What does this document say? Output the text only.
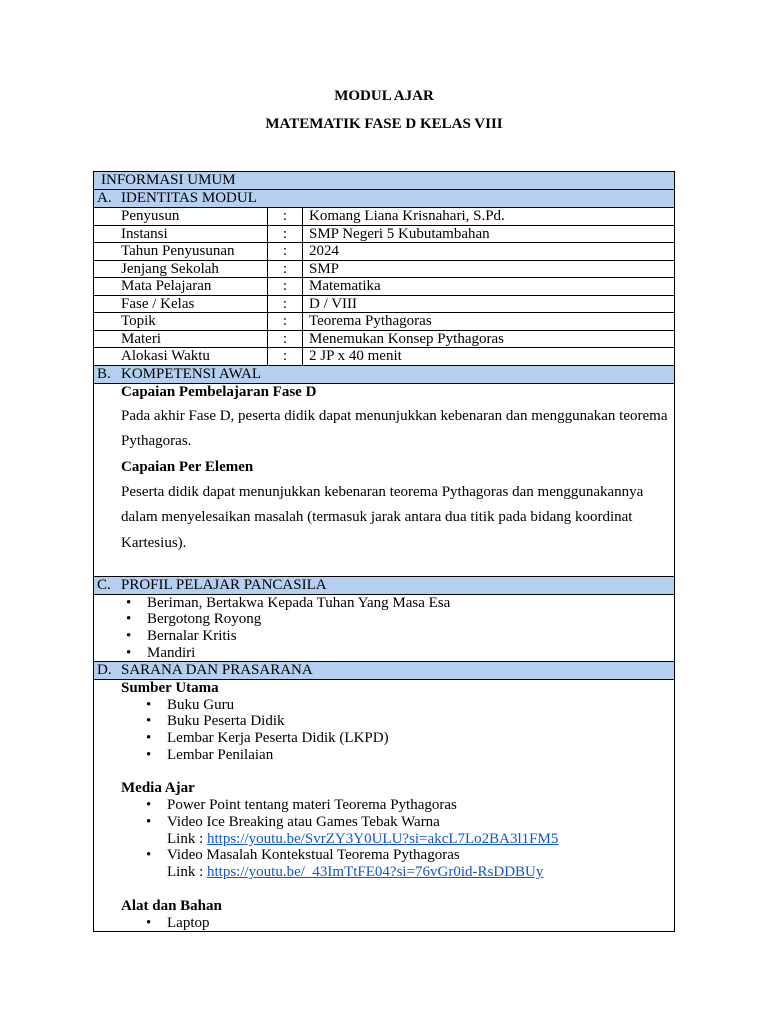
MODUL AJAR
MATEMATIK FASE D KELAS VIII
INFORMASI UMUM
A. IDENTITAS MODUL
Penyusun	:	Komang Liana Krisnahari, S.Pd.
Instansi	:	SMP Negeri 5 Kubutambahan
Tahun Penyusunan	:	2024
Jenjang Sekolah	:	SMP
Mata Pelajaran	:	Matematika
Fase / Kelas	:	D / VIII
Topik	:	Teorema Pythagoras
Materi	:	Menemukan Konsep Pythagoras
Alokasi Waktu	:	2 JP x 40 menit
B. KOMPETENSI AWAL
Capaian Pembelajaran Fase D
Pada akhir Fase D, peserta didik dapat menunjukkan kebenaran dan menggunakan teorema Pythagoras.
Capaian Per Elemen
Peserta didik dapat menunjukkan kebenaran teorema Pythagoras dan menggunakannya dalam menyelesaikan masalah (termasuk jarak antara dua titik pada bidang koordinat Kartesius).
C. PROFIL PELAJAR PANCASILA
• Beriman, Bertakwa Kepada Tuhan Yang Masa Esa
• Bergotong Royong
• Bernalar Kritis
• Mandiri
D. SARANA DAN PRASARANA
Sumber Utama
• Buku Guru
• Buku Peserta Didik
• Lembar Kerja Peserta Didik (LKPD)
• Lembar Penilaian
Media Ajar
• Power Point tentang materi Teorema Pythagoras
• Video Ice Breaking atau Games Tebak Warna
Link : https://youtu.be/SvrZY3Y0ULU?si=akcL7Lo2BA3l1FM5
• Video Masalah Kontekstual Teorema Pythagoras
Link : https://youtu.be/_43ImTtFE04?si=76vGr0id-RsDDBUy
Alat dan Bahan
• Laptop
